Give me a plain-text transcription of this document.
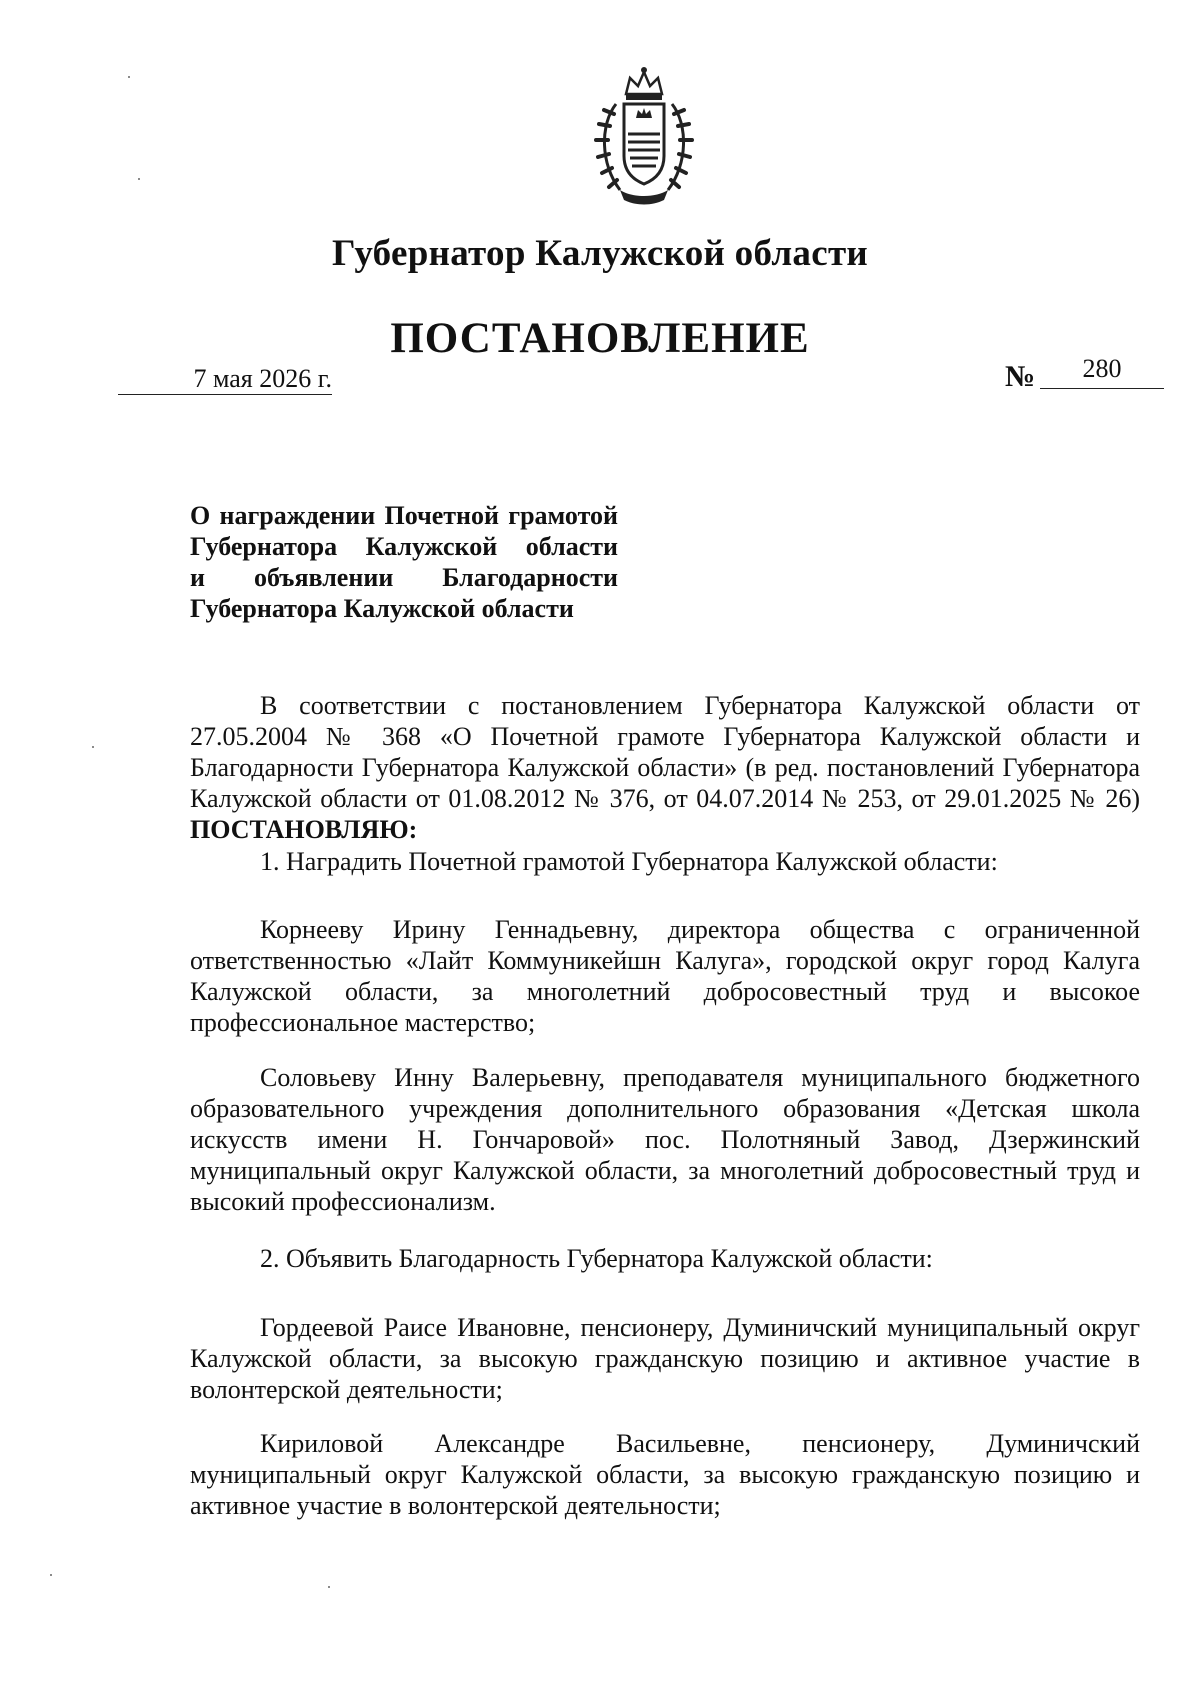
Губернатор Калужской области
ПОСТАНОВЛЕНИЕ
7 мая 2026 г.	№	280
О награждении Почетной грамотой
Губернатора Калужской области
и объявлении Благодарности
Губернатора Калужской области

В соответствии с постановлением Губернатора Калужской области от 27.05.2004 № 368 «О Почетной грамоте Губернатора Калужской области и Благодарности Губернатора Калужской области» (в ред. постановлений Губернатора Калужской области от 01.08.2012 № 376, от 04.07.2014 № 253, от 29.01.2025 № 26) ПОСТАНОВЛЯЮ:

1. Наградить Почетной грамотой Губернатора Калужской области:

Корнееву Ирину Геннадьевну, директора общества с ограниченной ответственностью «Лайт Коммуникейшн Калуга», городской округ город Калуга Калужской области, за многолетний добросовестный труд и высокое профессиональное мастерство;

Соловьеву Инну Валерьевну, преподавателя муниципального бюджетного образовательного учреждения дополнительного образования «Детская школа искусств имени Н. Гончаровой» пос. Полотняный Завод, Дзержинский муниципальный округ Калужской области, за многолетний добросовестный труд и высокий профессионализм.

2. Объявить Благодарность Губернатора Калужской области:

Гордеевой Раисе Ивановне, пенсионеру, Думиничский муниципальный округ Калужской области, за высокую гражданскую позицию и активное участие в волонтерской деятельности;

Кириловой Александре Васильевне, пенсионеру, Думиничский муниципальный округ Калужской области, за высокую гражданскую позицию и активное участие в волонтерской деятельности;
